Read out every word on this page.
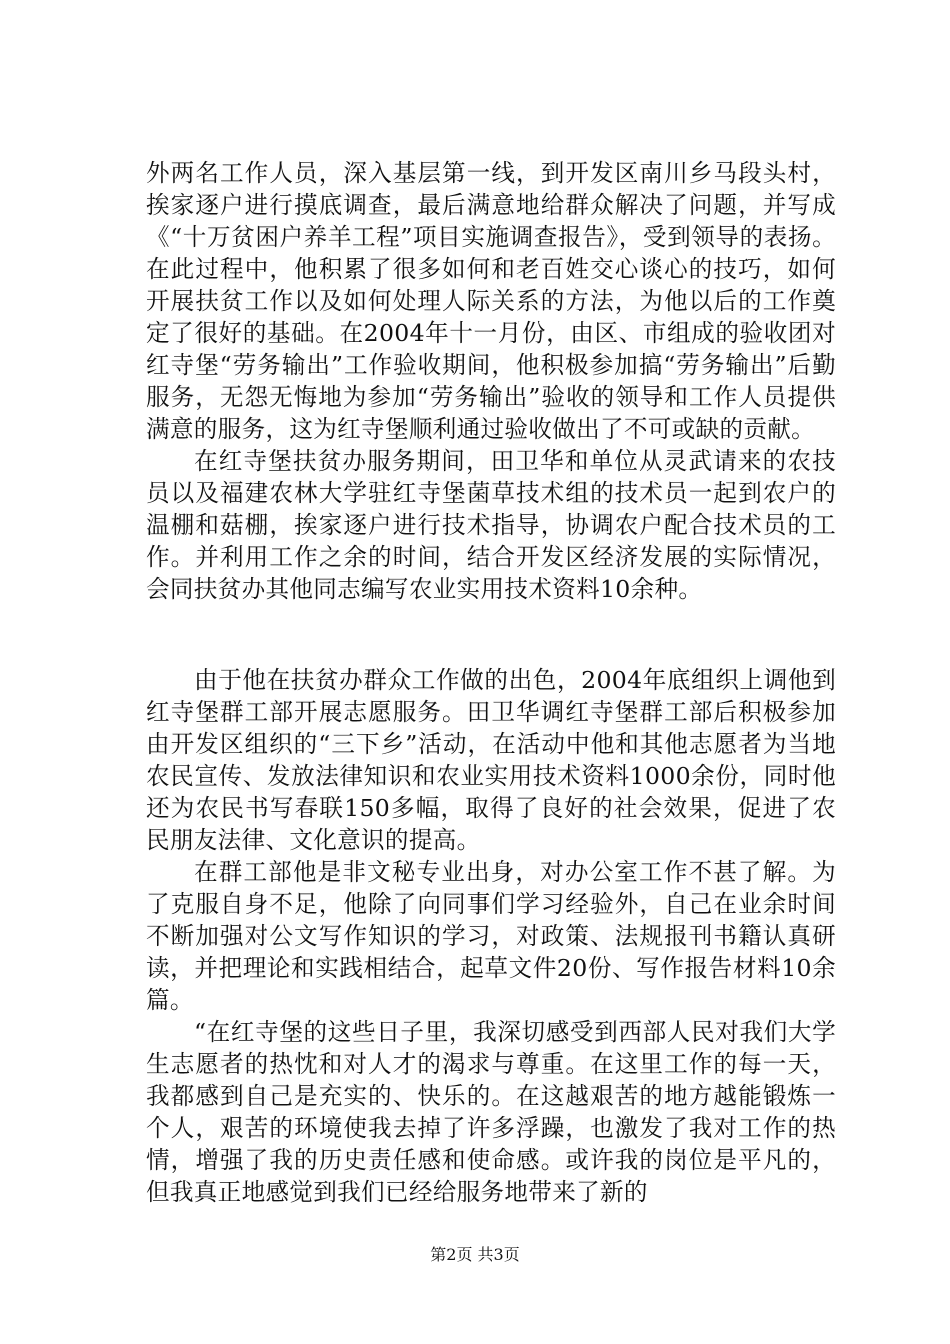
外两名工作人员，深入基层第一线，到开发区南川乡马段头村，挨家逐户进行摸底调查，最后满意地给群众解决了问题，并写成《“十万贫困户养羊工程”项目实施调查报告》，受到领导的表扬。在此过程中，他积累了很多如何和老百姓交心谈心的技巧，如何开展扶贫工作以及如何处理人际关系的方法，为他以后的工作奠定了很好的基础。在2004年十一月份，由区、市组成的验收团对红寺堡“劳务输出”工作验收期间，他积极参加搞“劳务输出”后勤服务，无怨无悔地为参加“劳务输出”验收的领导和工作人员提供满意的服务，这为红寺堡顺利通过验收做出了不可或缺的贡献。

在红寺堡扶贫办服务期间，田卫华和单位从灵武请来的农技员以及福建农林大学驻红寺堡菌草技术组的技术员一起到农户的温棚和菇棚，挨家逐户进行技术指导，协调农户配合技术员的工作。并利用工作之余的时间，结合开发区经济发展的实际情况，会同扶贫办其他同志编写农业实用技术资料10余种。

由于他在扶贫办群众工作做的出色，2004年底组织上调他到红寺堡群工部开展志愿服务。田卫华调红寺堡群工部后积极参加由开发区组织的“三下乡”活动，在活动中他和其他志愿者为当地农民宣传、发放法律知识和农业实用技术资料1000余份，同时他还为农民书写春联150多幅，取得了良好的社会效果，促进了农民朋友法律、文化意识的提高。

在群工部他是非文秘专业出身，对办公室工作不甚了解。为了克服自身不足，他除了向同事们学习经验外，自己在业余时间不断加强对公文写作知识的学习，对政策、法规报刊书籍认真研读，并把理论和实践相结合，起草文件20份、写作报告材料10余篇。

“在红寺堡的这些日子里，我深切感受到西部人民对我们大学生志愿者的热忱和对人才的渴求与尊重。在这里工作的每一天，我都感到自己是充实的、快乐的。在这越艰苦的地方越能锻炼一个人，艰苦的环境使我去掉了许多浮躁，也激发了我对工作的热情，增强了我的历史责任感和使命感。或许我的岗位是平凡的，但我真正地感觉到我们已经给服务地带来了新的

第2页 共3页
